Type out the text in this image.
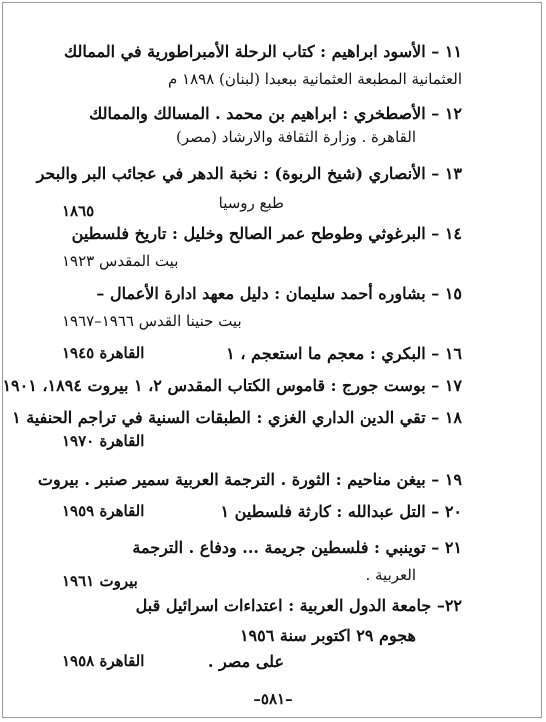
١١ – الأسود ابراهيم : كتاب الرحلة الأمبراطورية في الممالك
العثمانية المطبعة العثمانية ببعبدا (لبنان) ١٨٩٨ م
١٢ – الأصطخري : ابراهيم بن محمد . المسالك والممالك
القاهرة . وزارة الثقافة والارشاد (مصر)
١٣ – الأنصاري (شيخ الربوة) : نخبة الدهر في عجائب البر والبحر
طبع روسيا
١٨٦٥
١٤ – البرغوثي وطوطح عمر الصالح وخليل : تاريخ فلسطين
بيت المقدس ١٩٢٣
١٥ – بشاوره أحمد سليمان : دليل معهد ادارة الأعمال –
بيت حنينا القدس ١٩٦٦–١٩٦٧
١٦ – البكري : معجم ما استعجم ، ١
القاهرة ١٩٤٥
١٧ – بوست جورج : قاموس الكتاب المقدس ٢، ١ بيروت ١٨٩٤، ١٩٠١
١٨ – تقي الدين الداري الغزي : الطبقات السنية في تراجم الحنفية ١
القاهرة ١٩٧٠
١٩ – بيغن مناحيم : الثورة . الترجمة العربية سمير صنبر . بيروت
٢٠ – التل عبدالله : كارثة فلسطين ١
القاهرة ١٩٥٩
٢١ – توينبي : فلسطين جريمة ... ودفاع . الترجمة
العربية .
بيروت ١٩٦١
٢٢– جامعة الدول العربية : اعتداءات اسرائيل قبل
هجوم ٢٩ اكتوبر سنة ١٩٥٦
على مصر .
القاهرة ١٩٥٨
–٥٨١–
